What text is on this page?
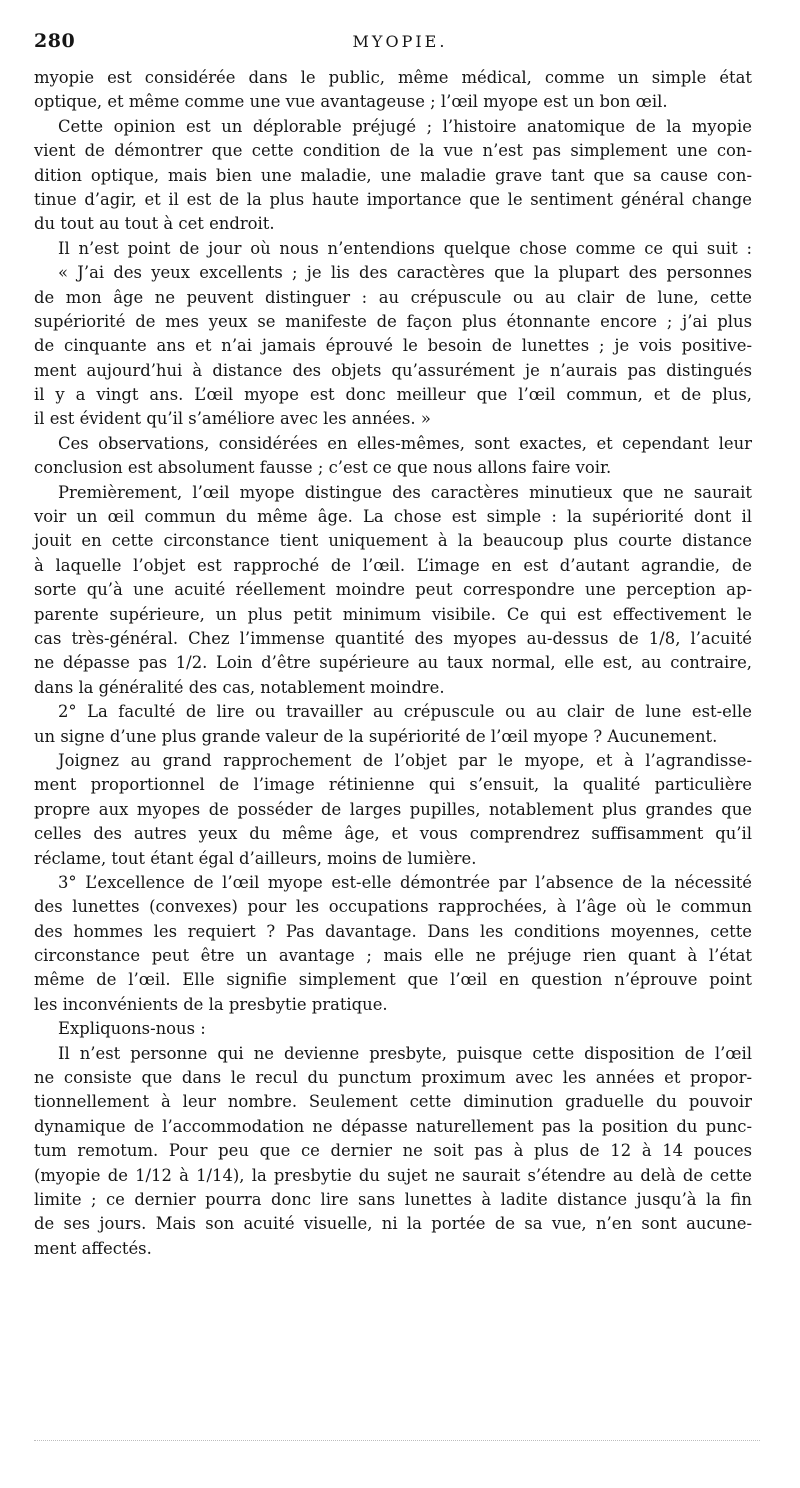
280	MYOPIE.
myopie est considérée dans le public, même médical, comme un simple état
optique, et même comme une vue avantageuse ; l’œil myope est un bon œil.
Cette opinion est un déplorable préjugé ; l’histoire anatomique de la myopie
vient de démontrer que cette condition de la vue n’est pas simplement une con-
dition optique, mais bien une maladie, une maladie grave tant que sa cause con-
tinue d’agir, et il est de la plus haute importance que le sentiment général change
du tout au tout à cet endroit.
Il n’est point de jour où nous n’entendions quelque chose comme ce qui suit :
« J’ai des yeux excellents ; je lis des caractères que la plupart des personnes
de mon âge ne peuvent distinguer : au crépuscule ou au clair de lune, cette
supériorité de mes yeux se manifeste de façon plus étonnante encore ; j’ai plus
de cinquante ans et n’ai jamais éprouvé le besoin de lunettes ; je vois positive-
ment aujourd’hui à distance des objets qu’assurément je n’aurais pas distingués
il y a vingt ans. L’œil myope est donc meilleur que l’œil commun, et de plus,
il est évident qu’il s’améliore avec les années. »
Ces observations, considérées en elles-mêmes, sont exactes, et cependant leur
conclusion est absolument fausse ; c’est ce que nous allons faire voir.
Premièrement, l’œil myope distingue des caractères minutieux que ne saurait
voir un œil commun du même âge. La chose est simple : la supériorité dont il
jouit en cette circonstance tient uniquement à la beaucoup plus courte distance
à laquelle l’objet est rapproché de l’œil. L’image en est d’autant agrandie, de
sorte qu’à une acuité réellement moindre peut correspondre une perception ap-
parente supérieure, un plus petit minimum visibile. Ce qui est effectivement le
cas très-général. Chez l’immense quantité des myopes au-dessus de 1/8, l’acuité
ne dépasse pas 1/2. Loin d’être supérieure au taux normal, elle est, au contraire,
dans la généralité des cas, notablement moindre.
2° La faculté de lire ou travailler au crépuscule ou au clair de lune est-elle
un signe d’une plus grande valeur de la supériorité de l’œil myope ? Aucunement.
Joignez au grand rapprochement de l’objet par le myope, et à l’agrandisse-
ment proportionnel de l’image rétinienne qui s’ensuit, la qualité particulière
propre aux myopes de posséder de larges pupilles, notablement plus grandes que
celles des autres yeux du même âge, et vous comprendrez suffisamment qu’il
réclame, tout étant égal d’ailleurs, moins de lumière.
3° L’excellence de l’œil myope est-elle démontrée par l’absence de la nécessité
des lunettes (convexes) pour les occupations rapprochées, à l’âge où le commun
des hommes les requiert ? Pas davantage. Dans les conditions moyennes, cette
circonstance peut être un avantage ; mais elle ne préjuge rien quant à l’état
même de l’œil. Elle signifie simplement que l’œil en question n’éprouve point
les inconvénients de la presbytie pratique.
Expliquons-nous :
Il n’est personne qui ne devienne presbyte, puisque cette disposition de l’œil
ne consiste que dans le recul du punctum proximum avec les années et propor-
tionnellement à leur nombre. Seulement cette diminution graduelle du pouvoir
dynamique de l’accommodation ne dépasse naturellement pas la position du punc-
tum remotum. Pour peu que ce dernier ne soit pas à plus de 12 à 14 pouces
(myopie de 1/12 à 1/14), la presbytie du sujet ne saurait s’étendre au delà de cette
limite ; ce dernier pourra donc lire sans lunettes à ladite distance jusqu’à la fin
de ses jours. Mais son acuité visuelle, ni la portée de sa vue, n’en sont aucune-
ment affectés.
